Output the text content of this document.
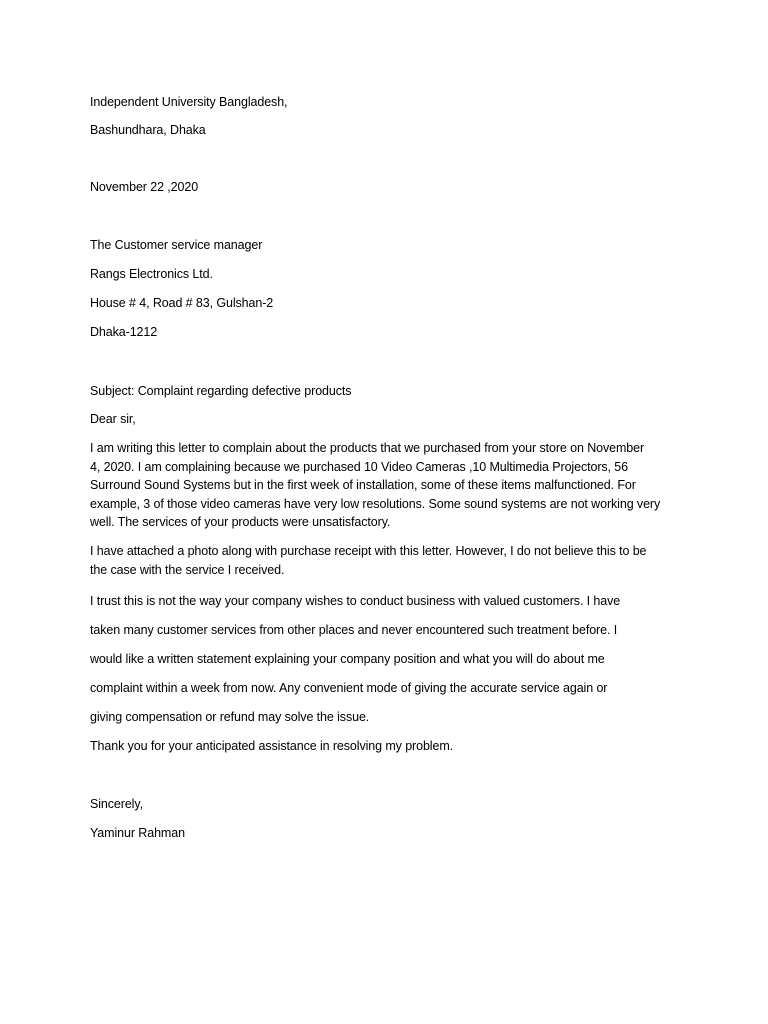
Independent University Bangladesh,
Bashundhara, Dhaka
November 22 ,2020
The Customer service manager
Rangs Electronics Ltd.
House # 4, Road # 83, Gulshan-2
Dhaka-1212
Subject: Complaint regarding defective products
Dear sir,
I am writing this letter to complain about the products that we purchased from your store on November
4, 2020. I am complaining because we purchased 10 Video Cameras ,10 Multimedia Projectors, 56
Surround Sound Systems but in the first week of installation, some of these items malfunctioned. For
example, 3 of those video cameras have very low resolutions. Some sound systems are not working very
well. The services of your products were unsatisfactory.
I have attached a photo along with purchase receipt with this letter. However, I do not believe this to be
the case with the service I received.
I trust this is not the way your company wishes to conduct business with valued customers. I have
taken many customer services from other places and never encountered such treatment before. I
would like a written statement explaining your company position and what you will do about me
complaint within a week from now. Any convenient mode of giving the accurate service again or
giving compensation or refund may solve the issue.
Thank you for your anticipated assistance in resolving my problem.
Sincerely,
Yaminur Rahman
